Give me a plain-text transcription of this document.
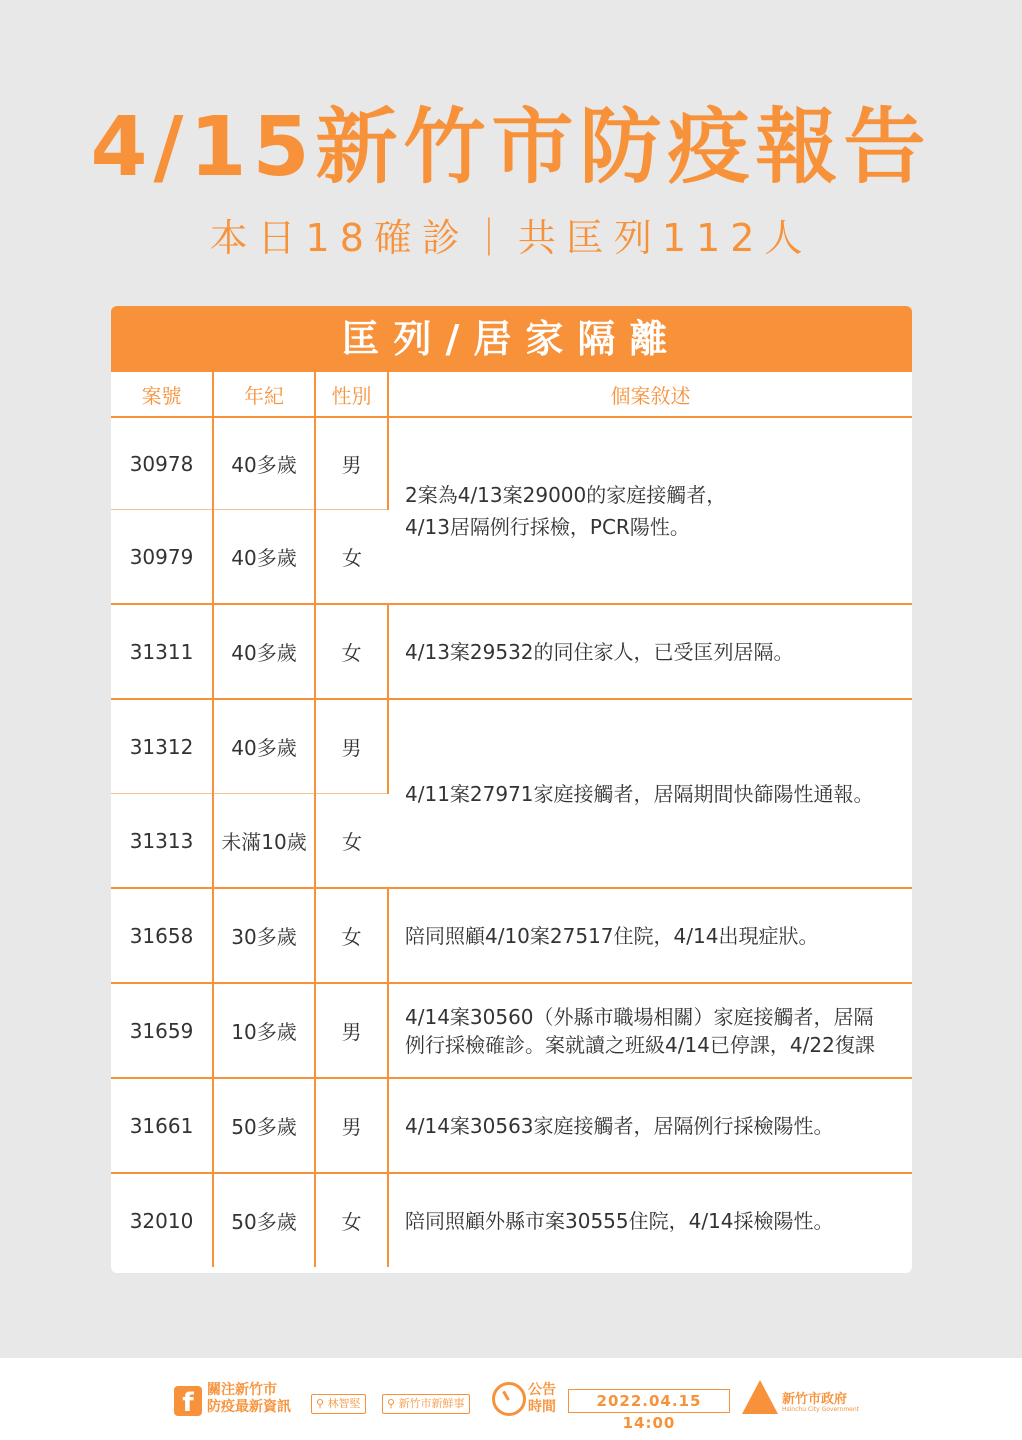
4/15新竹市防疫報告
本日18確診｜共匡列112人
匡列/居家隔離
案號	年紀	性別	個案敘述
30978	40多歲	男	2案為4/13案29000的家庭接觸者，
4/13居隔例行採檢，PCR陽性。

30979	40多歲	女	
31311	40多歲	女	4/13案29532的同住家人，已受匡列居隔。
31312	40多歲	男	4/11案27971家庭接觸者，居隔期間快篩陽性通報。
31313	未滿10歲	女	
31658	30多歲	女	陪同照顧4/10案27517住院，4/14出現症狀。
31659	10多歲	男	4/14案30560（外縣市職場相關）家庭接觸者，居隔
例行採檢確診。案就讀之班級4/14已停課，4/22復課

31661	50多歲	男	4/14案30563家庭接觸者，居隔例行採檢陽性。
32010	50多歲	女	陪同照顧外縣市案30555住院，4/14採檢陽性。
f 關注新竹市
防疫最新資訊	⚲ 林智堅	⚲ 新竹市新鮮事
公告
時間	2022.04.15 14:00
新竹市政府
Hsinchu City Government
